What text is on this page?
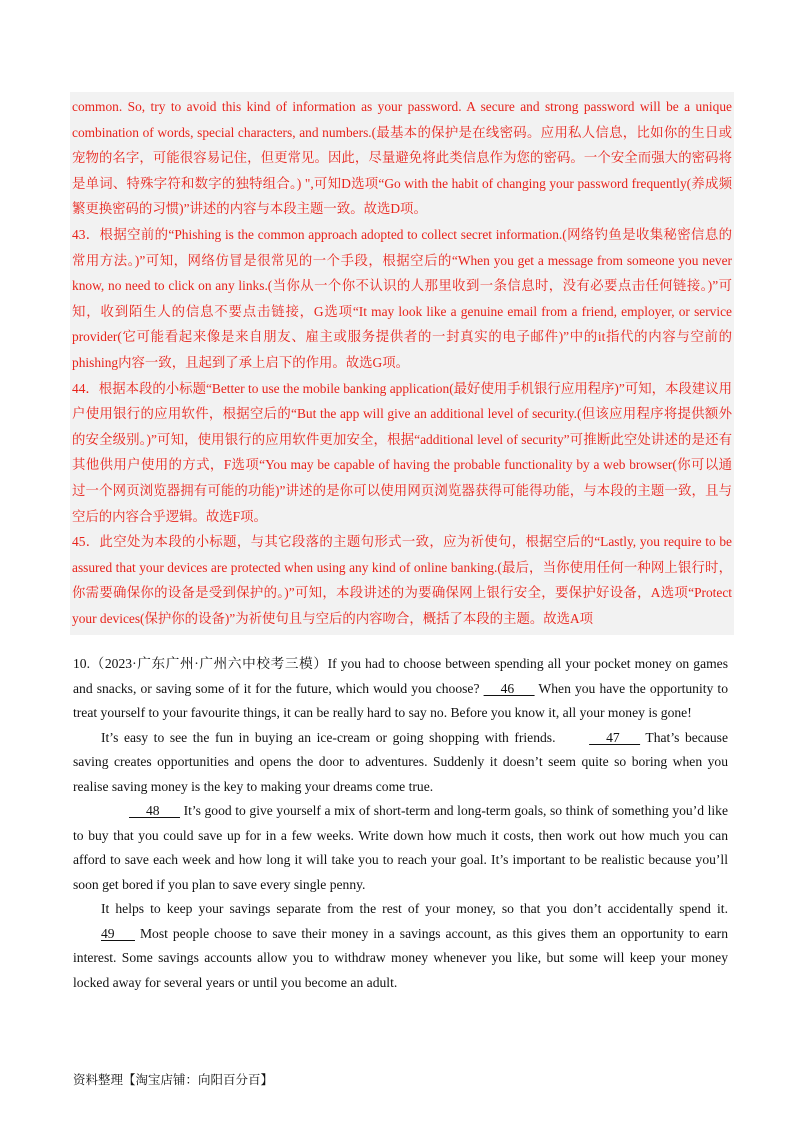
common. So, try to avoid this kind of information as your password. A secure and strong password will be a unique combination of words, special characters, and numbers.(最基本的保护是在线密码。应用私人信息，比如你的生日或宠物的名字，可能很容易记住，但更常见。因此，尽量避免将此类信息作为您的密码。一个安全而强大的密码将是单词、特殊字符和数字的独特组合。) ",可知D选项“Go with the habit of changing your password frequently(养成频繁更换密码的习惯)”讲述的内容与本段主题一致。故选D项。

43．根据空前的“Phishing is the common approach adopted to collect secret information.(网络钓鱼是收集秘密信息的常用方法。)”可知，网络仿冒是很常见的一个手段，根据空后的“When you get a message from someone you never know, no need to click on any links.(当你从一个你不认识的人那里收到一条信息时，没有必要点击任何链接。)”可知，收到陌生人的信息不要点击链接，G选项“It may look like a genuine email from a friend, employer, or service provider(它可能看起来像是来自朋友、雇主或服务提供者的一封真实的电子邮件)”中的it指代的内容与空前的phishing内容一致，且起到了承上启下的作用。故选G项。

44．根据本段的小标题“Better to use the mobile banking application(最好使用手机银行应用程序)”可知，本段建议用户使用银行的应用软件，根据空后的“But the app will give an additional level of security.(但该应用程序将提供额外的安全级别。)”可知，使用银行的应用软件更加安全，根据“additional level of security”可推断此空处讲述的是还有其他供用户使用的方式，F选项“You may be capable of having the probable functionality by a web browser(你可以通过一个网页浏览器拥有可能的功能)”讲述的是你可以使用网页浏览器获得可能得功能，与本段的主题一致，且与空后的内容合乎逻辑。故选F项。

45．此空处为本段的小标题，与其它段落的主题句形式一致，应为祈使句，根据空后的“Lastly, you require to be assured that your devices are protected when using any kind of online banking.(最后，当你使用任何一种网上银行时，你需要确保你的设备是受到保护的。)”可知，本段讲述的为要确保网上银行安全，要保护好设备，A选项“Protect your devices(保护你的设备)”为祈使句且与空后的内容吻合，概括了本段的主题。故选A项

10.（2023·广东广州·广州六中校考三模）If you had to choose between spending all your pocket money on games and snacks, or saving some of it for the future, which would you choose?      46       When you have the opportunity to treat yourself to your favourite things, it can be really hard to say no. Before you know it, all your money is gone!

It’s easy to see the fun in buying an ice-cream or going shopping with friends.      47       That’s because saving creates opportunities and opens the door to adventures. Suddenly it doesn’t seem quite so boring when you realise saving money is the key to making your dreams come true.

48       It’s good to give yourself a mix of short-term and long-term goals, so think of something you’d like to buy that you could save up for in a few weeks. Write down how much it costs, then work out how much you can afford to save each week and how long it will take you to reach your goal. It’s important to be realistic because you’ll soon get bored if you plan to save every single penny.

It helps to keep your savings separate from the rest of your money, so that you don’t accidentally spend it. 49       Most people choose to save their money in a savings account, as this gives them an opportunity to earn interest. Some savings accounts allow you to withdraw money whenever you like, but some will keep your money locked away for several years or until you become an adult.

资料整理【淘宝店铺：向阳百分百】
